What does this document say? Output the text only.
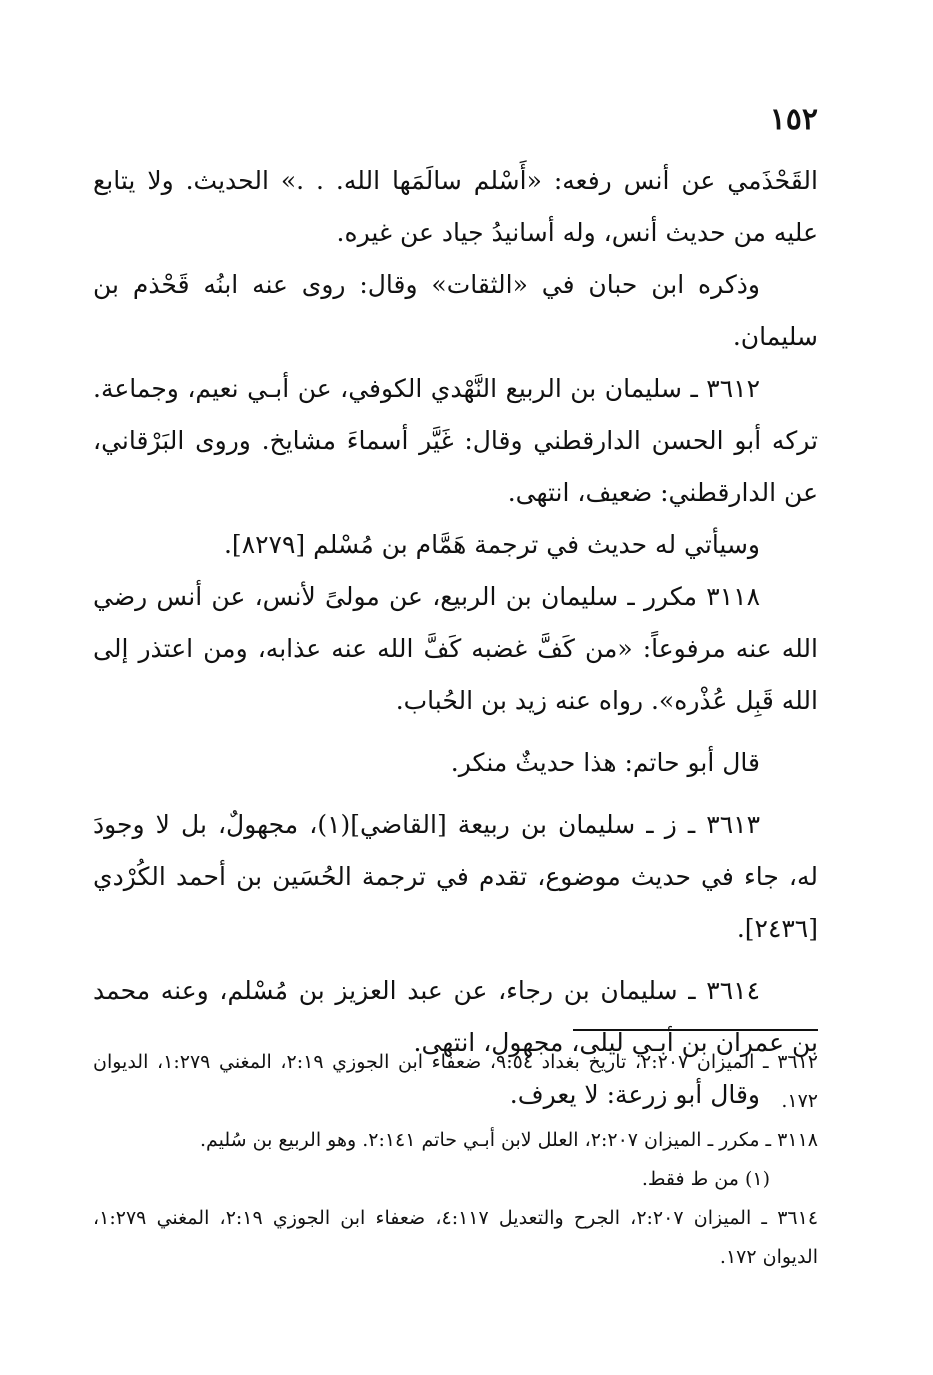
١٥٢

القَحْذَمي عن أنس رفعه: «أَسْلم سالَمَها الله. . .» الحديث. ولا يتابع عليه من حديث أنس، وله أسانيدُ جياد عن غيره.

وذكره ابن حبان في «الثقات» وقال: روى عنه ابنُه قَحْذم بن سليمان.

٣٦١٢ ـ سليمان بن الربيع النَّهْدي الكوفي، عن أبـي نعيم، وجماعة. تركه أبو الحسن الدارقطني وقال: غَيَّر أسماءَ مشايخ. وروى البَرْقاني، عن الدارقطني: ضعيف، انتهى.

وسيأتي له حديث في ترجمة هَمَّام بن مُسْلم [٨٢٧٩].

٣١١٨ مكرر ـ سليمان بن الربيع، عن مولىً لأنس، عن أنس رضي الله عنه مرفوعاً: «من كَفَّ غضبه كَفَّ الله عنه عذابه، ومن اعتذر إلى الله قَبِل عُذْره». رواه عنه زيد بن الحُباب.

قال أبو حاتم: هذا حديثٌ منكر.

٣٦١٣ ـ ز ـ سليمان بن ربيعة [القاضي](١)، مجهولٌ، بل لا وجودَ له، جاء في حديث موضوع، تقدم في ترجمة الحُسَين بن أحمد الكُرْدي [٢٤٣٦].

٣٦١٤ ـ سليمان بن رجاء، عن عبد العزيز بن مُسْلم، وعنه محمد بن عمران بن أبـي ليلى، مجهول، انتهى.

وقال أبو زرعة: لا يعرف.

٣٦١٢ ـ الميزان ٢:٢٠٧، تاريخ بغداد ٩:٥٤، ضعفاء ابن الجوزي ٢:١٩، المغني ١:٢٧٩، الديوان ١٧٢.

٣١١٨ ـ مكرر ـ الميزان ٢:٢٠٧، العلل لابن أبـي حاتم ٢:١٤١. وهو الربيع بن سُليم.

(١) من ط فقط.

٣٦١٤ ـ الميزان ٢:٢٠٧، الجرح والتعديل ٤:١١٧، ضعفاء ابن الجوزي ٢:١٩، المغني ١:٢٧٩، الديوان ١٧٢.
